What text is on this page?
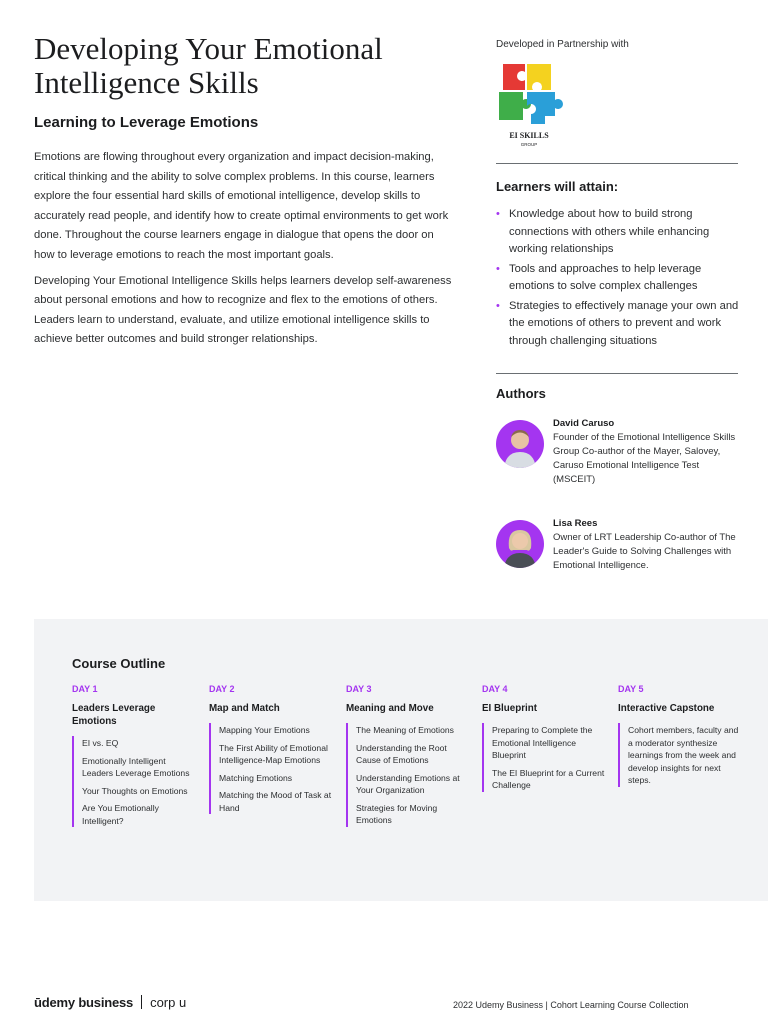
Developing Your Emotional Intelligence Skills
Learning to Leverage Emotions

Emotions are flowing throughout every organization and impact decision-making, critical thinking and the ability to solve complex problems. In this course, learners explore the four essential hard skills of emotional intelligence, develop skills to accurately read people, and identify how to create optimal environments to get work done. Throughout the course learners engage in dialogue that opens the door on how to leverage emotions to reach the most important goals.

Developing Your Emotional Intelligence Skills helps learners develop self-awareness about personal emotions and how to recognize and flex to the emotions of others. Leaders learn to understand, evaluate, and utilize emotional intelligence skills to achieve better outcomes and build stronger relationships.

Developed in Partnership with
EI SKILLS
GROUP
Learners will attain:
• Knowledge about how to build strong connections with others while enhancing working relationships
• Tools and approaches to help leverage emotions to solve complex challenges
• Strategies to effectively manage your own and the emotions of others to prevent and work through challenging situations
Authors
David Caruso
Founder of the Emotional Intelligence Skills Group Co-author of the Mayer, Salovey, Caruso Emotional Intelligence Test (MSCEIT)
Lisa Rees
Owner of LRT Leadership Co-author of The Leader's Guide to Solving Challenges with Emotional Intelligence.
Course Outline
DAY 1
Leaders Leverage Emotions
EI vs. EQ
Emotionally Intelligent Leaders Leverage Emotions
Your Thoughts on Emotions
Are You Emotionally Intelligent?
DAY 2
Map and Match
Mapping Your Emotions
The First Ability of Emotional Intelligence-Map Emotions
Matching Emotions
Matching the Mood of Task at Hand
DAY 3
Meaning and Move
The Meaning of Emotions
Understanding the Root Cause of Emotions
Understanding Emotions at Your Organization
Strategies for Moving Emotions
DAY 4
EI Blueprint
Preparing to Complete the Emotional Intelligence Blueprint
The EI Blueprint for a Current Challenge
DAY 5
Interactive Capstone
Cohort members, faculty and a moderator synthesize learnings from the week and develop insights for next steps.
ūdemy business corp u	2022 Udemy Business | Cohort Learning Course Collection
